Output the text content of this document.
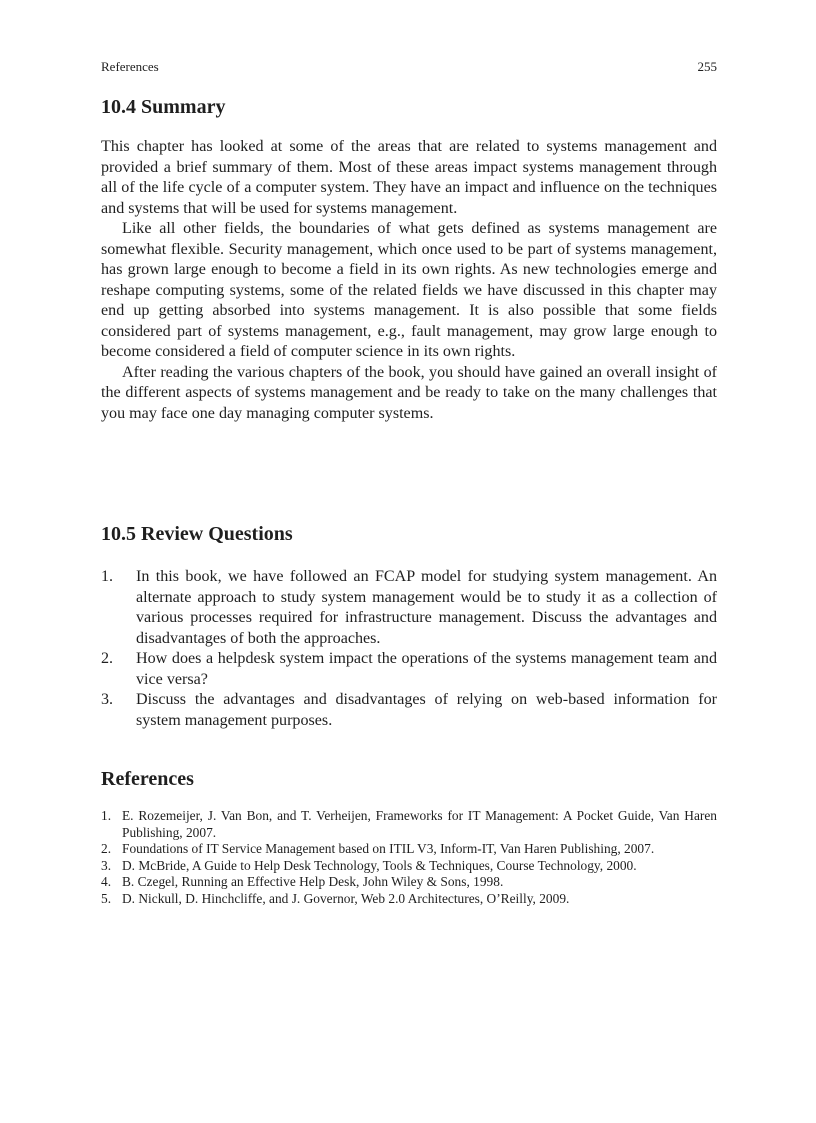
References	255
10.4 Summary

This chapter has looked at some of the areas that are related to systems management and provided a brief summary of them. Most of these areas impact systems management through all of the life cycle of a computer system. They have an impact and influence on the techniques and systems that will be used for systems management.

Like all other fields, the boundaries of what gets defined as systems management are somewhat flexible. Security management, which once used to be part of systems management, has grown large enough to become a field in its own rights. As new technologies emerge and reshape computing systems, some of the related fields we have discussed in this chapter may end up getting absorbed into systems management. It is also possible that some fields considered part of systems management, e.g., fault management, may grow large enough to become considered a field of computer science in its own rights.

After reading the various chapters of the book, you should have gained an overall insight of the different aspects of systems management and be ready to take on the many challenges that you may face one day managing computer systems.

10.5 Review Questions
1. In this book, we have followed an FCAP model for studying system management. An alternate approach to study system management would be to study it as a collection of various processes required for infrastructure management. Discuss the advantages and disadvantages of both the approaches.
2. How does a helpdesk system impact the operations of the systems management team and vice versa?
3. Discuss the advantages and disadvantages of relying on web-based information for system management purposes.
References
1. E. Rozemeijer, J. Van Bon, and T. Verheijen, Frameworks for IT Management: A Pocket Guide, Van Haren Publishing, 2007.
2. Foundations of IT Service Management based on ITIL V3, Inform-IT, Van Haren Publishing, 2007.
3. D. McBride, A Guide to Help Desk Technology, Tools & Techniques, Course Technology, 2000.
4. B. Czegel, Running an Effective Help Desk, John Wiley & Sons, 1998.
5. D. Nickull, D. Hinchcliffe, and J. Governor, Web 2.0 Architectures, O’Reilly, 2009.
